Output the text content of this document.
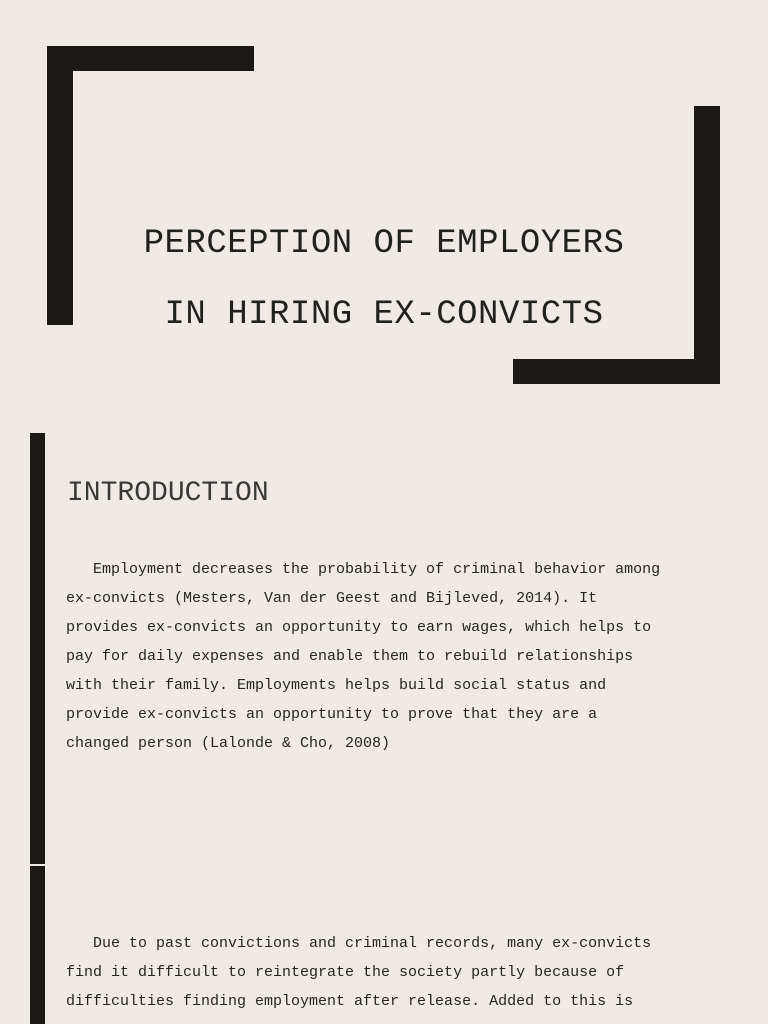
PERCEPTION OF EMPLOYERS
IN HIRING EX-CONVICTS
INTRODUCTION
Employment decreases the probability of criminal behavior among
ex-convicts (Mesters, Van der Geest and Bijleved, 2014). It
provides ex-convicts an opportunity to earn wages, which helps to
pay for daily expenses and enable them to rebuild relationships
with their family. Employments helps build social status and
provide ex-convicts an opportunity to prove that they are a
changed person (Lalonde & Cho, 2008)
Due to past convictions and criminal records, many ex-convicts
find it difficult to reintegrate the society partly because of
difficulties finding employment after release. Added to this is
